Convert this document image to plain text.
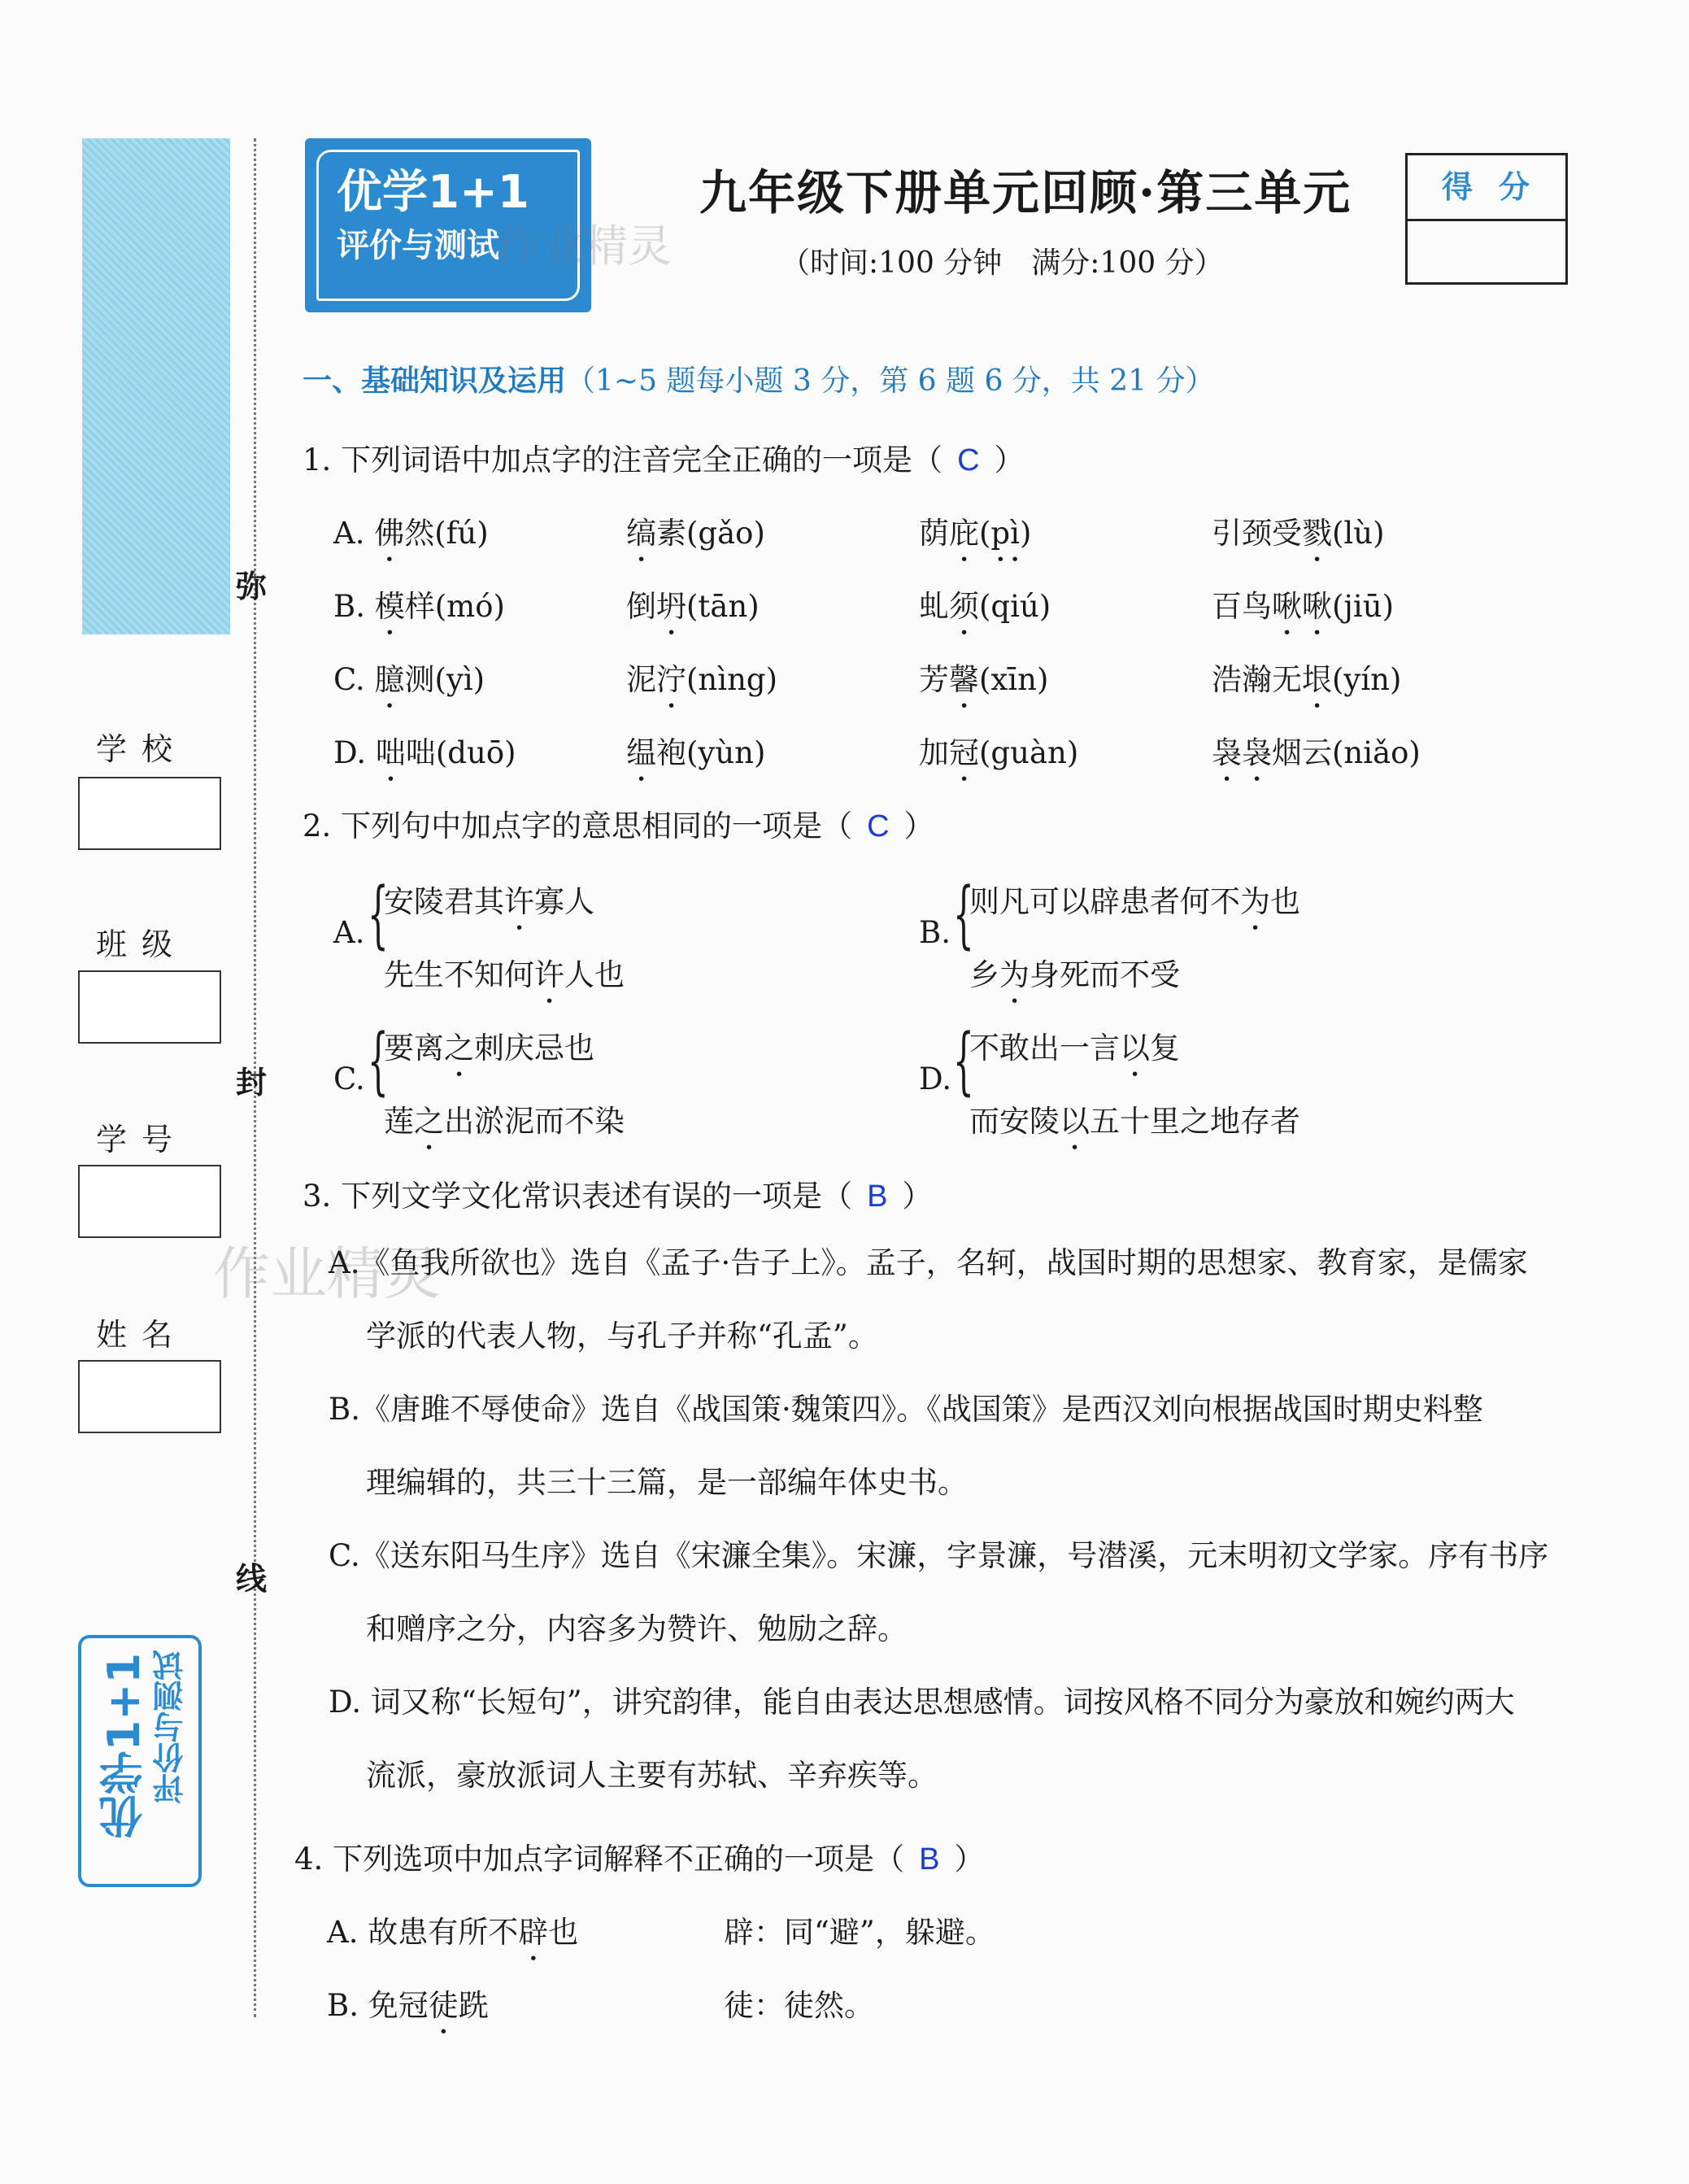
弥
封
线
学校
班级
学号
姓名
优学1+1 评价与测试
优学1+1
评价与测试
作业精灵
作业精灵
九年级下册单元回顾·第三单元
（时间:100 分钟　满分:100 分）
得分
一、基础知识及运用（1~5 题每小题 3 分，第 6 题 6 分，共 21 分）
1. 下列词语中加点字的注音完全正确的一项是（ C ）
A. 佛然(fú)	缟素(gǎo)	荫庇(pì)	引颈受戮(lù)
B. 模样(mó)	倒坍(tān)	虬须(qiú)	百鸟啾啾(jiū)
C. 臆测(yì)	泥泞(nìng)	芳馨(xīn)	浩瀚无垠(yín)
D. 咄咄(duō)	缊袍(yùn)	加冠(guàn)	袅袅烟云(niǎo)
2. 下列句中加点字的意思相同的一项是（ C ）
A. {
安陵君其许寡人
先生不知何许人也
B. {
则凡可以辟患者何不为也
乡为身死而不受
C. {
要离之刺庆忌也
莲之出淤泥而不染
D. {
不敢出一言以复
而安陵以五十里之地存者
3. 下列文学文化常识表述有误的一项是（ B ）
A.《鱼我所欲也》选自《孟子·告子上》。孟子，名轲，战国时期的思想家、教育家，是儒家
学派的代表人物，与孔子并称“孔孟”。
B.《唐雎不辱使命》选自《战国策·魏策四》。《战国策》是西汉刘向根据战国时期史料整
理编辑的，共三十三篇，是一部编年体史书。
C.《送东阳马生序》选自《宋濂全集》。宋濂，字景濂，号潜溪，元末明初文学家。序有书序
和赠序之分，内容多为赞许、勉励之辞。
D. 词又称“长短句”，讲究韵律，能自由表达思想感情。词按风格不同分为豪放和婉约两大
流派，豪放派词人主要有苏轼、辛弃疾等。
4. 下列选项中加点字词解释不正确的一项是（ B ）
A. 故患有所不辟也	辟：同“避”，躲避。
B. 免冠徒跣	徒：徒然。
